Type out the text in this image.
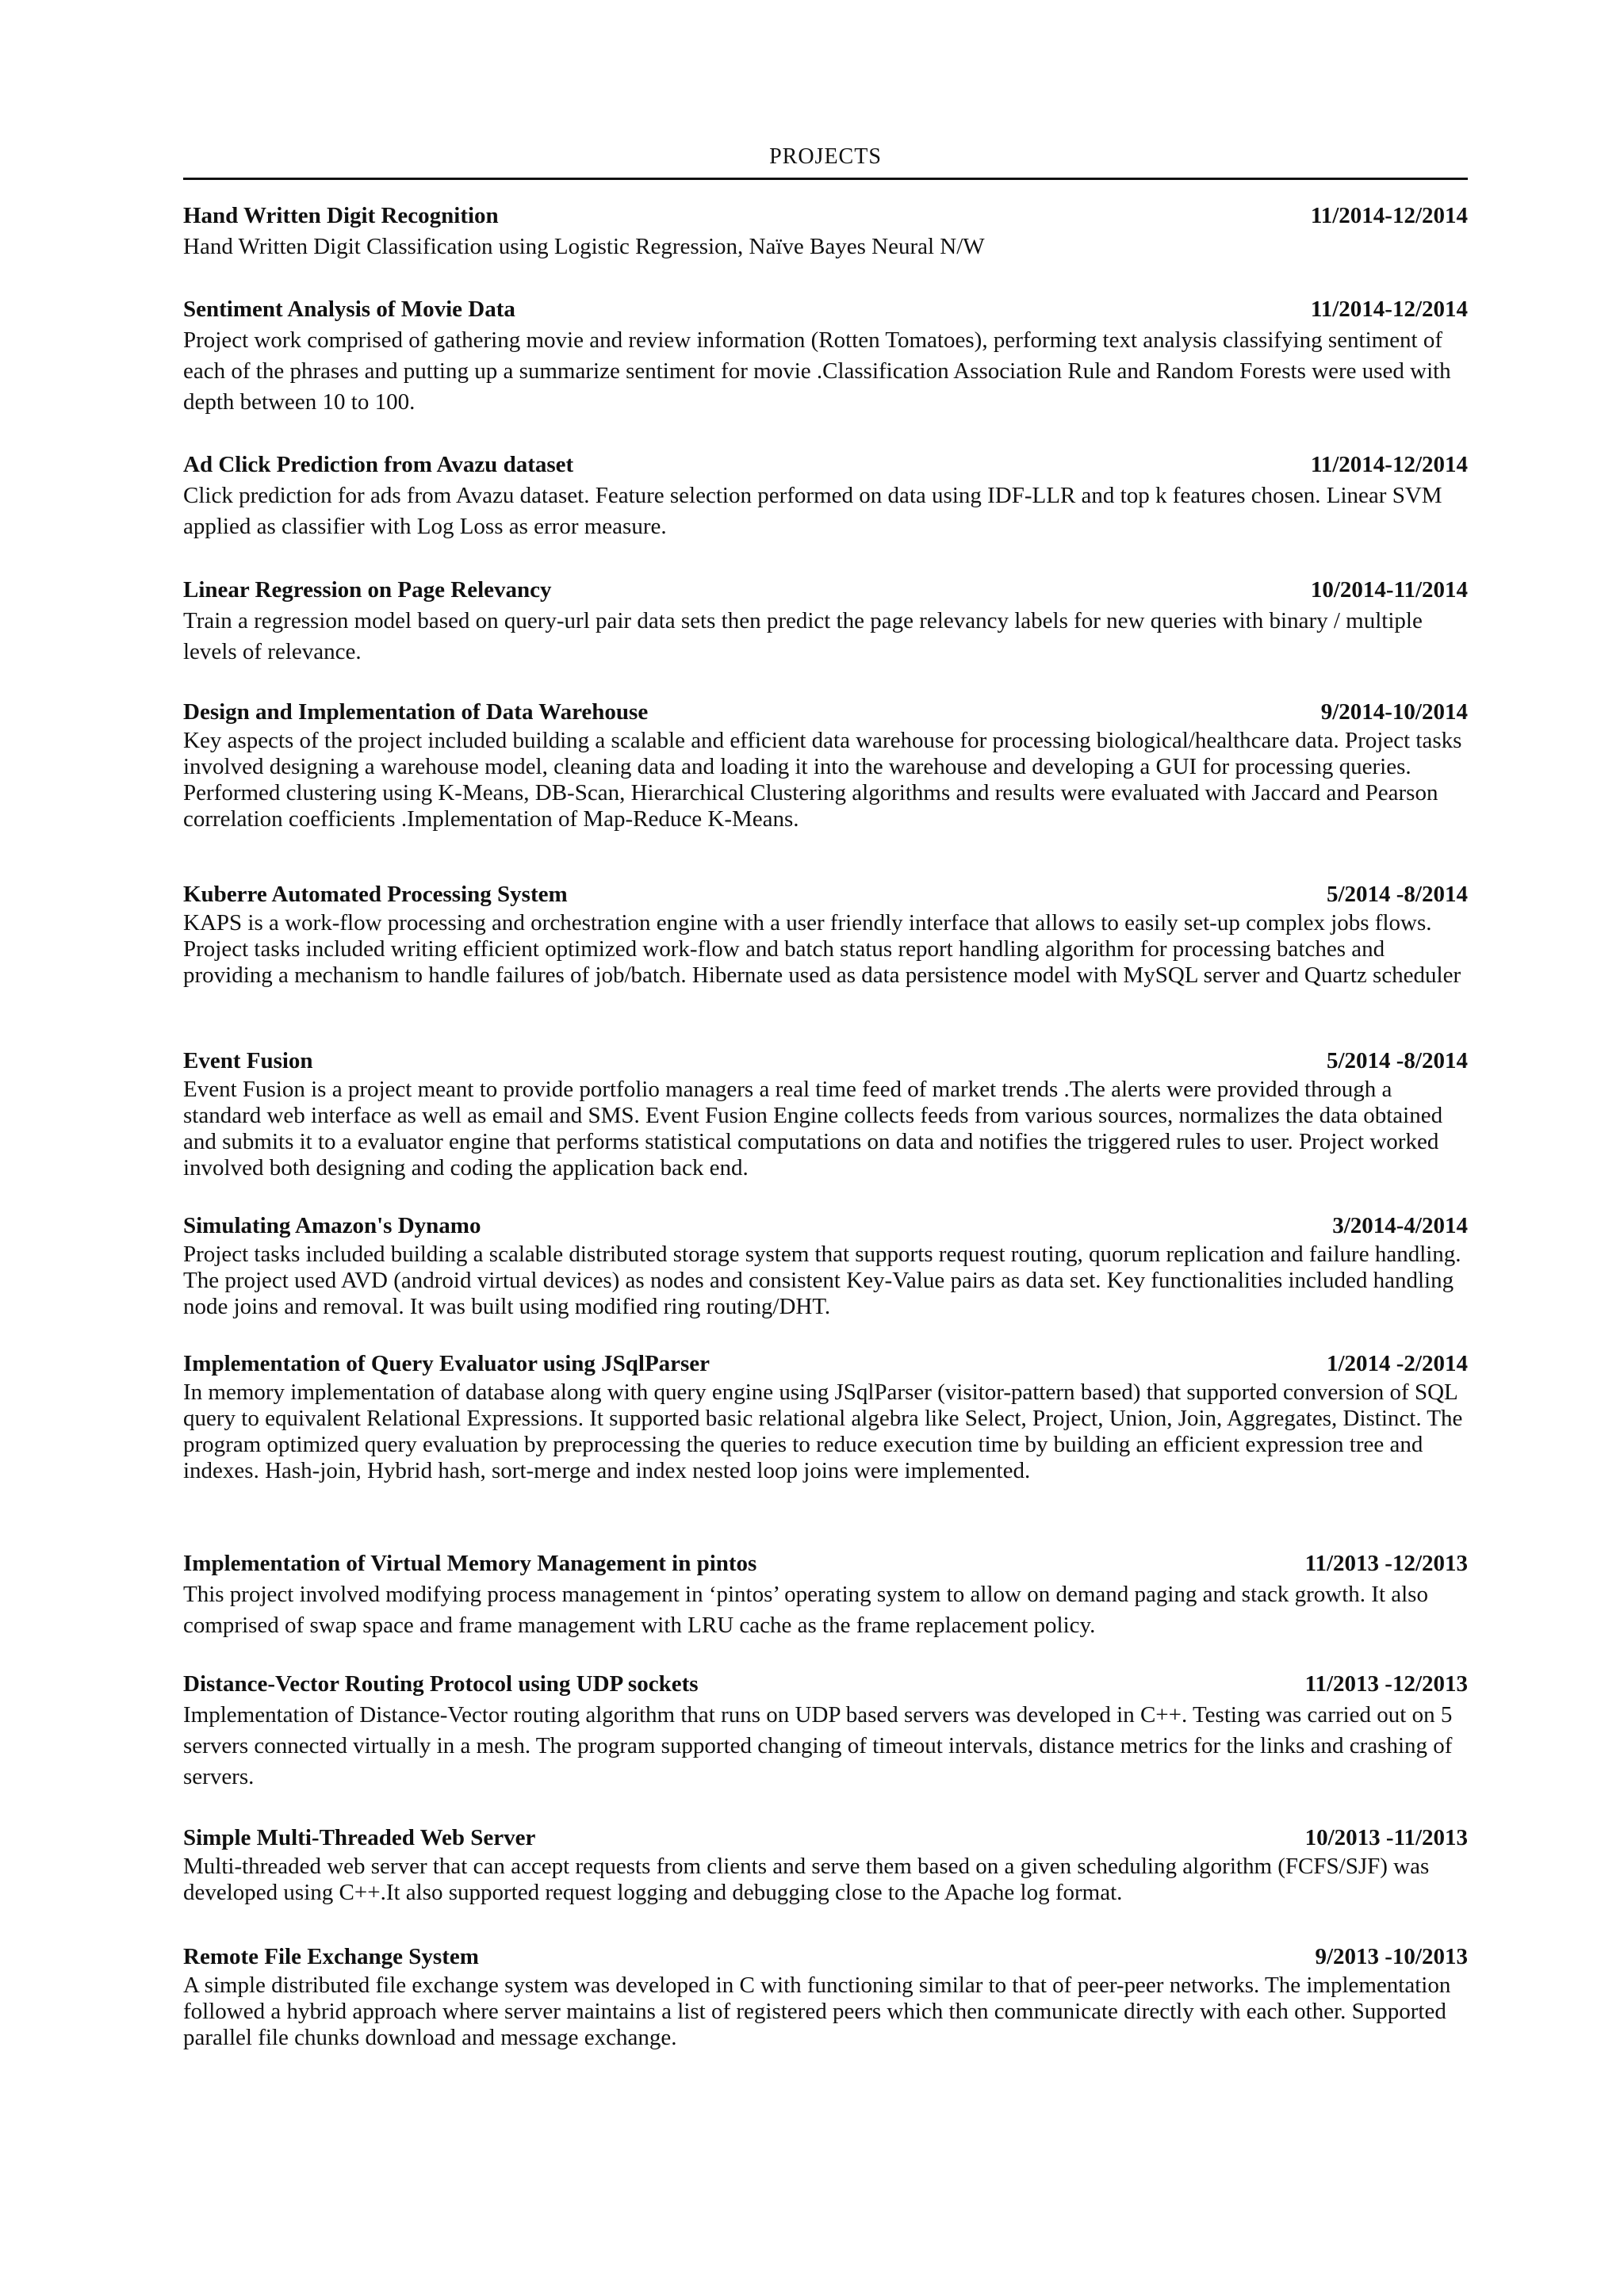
PROJECTS
Hand Written Digit Recognition	11/2014-12/2014

Hand Written Digit Classification using Logistic Regression, Naïve Bayes Neural N/W

Sentiment Analysis of Movie Data	11/2014-12/2014

Project work comprised of gathering movie and review information (Rotten Tomatoes), performing text analysis classifying sentiment of each of the phrases and putting up a summarize sentiment for movie .Classification Association Rule and Random Forests were used with depth between 10 to 100.

Ad Click Prediction from Avazu dataset	11/2014-12/2014

Click prediction for ads from Avazu dataset. Feature selection performed on data using IDF-LLR and top k features chosen. Linear SVM applied as classifier with Log Loss as error measure.

Linear Regression on Page Relevancy	10/2014-11/2014

Train a regression model based on query-url pair data sets then predict the page relevancy labels for new queries with binary / multiple levels of relevance.

Design and Implementation of Data Warehouse	9/2014-10/2014

Key aspects of the project included building a scalable and efficient data warehouse for processing biological/healthcare data. Project tasks involved designing a warehouse model, cleaning data and loading it into the warehouse and developing a GUI for processing queries. Performed clustering using K-Means, DB-Scan, Hierarchical Clustering algorithms and results were evaluated with Jaccard and Pearson correlation coefficients .Implementation of Map-Reduce K-Means.

Kuberre Automated Processing System	5/2014 -8/2014

KAPS is a work-flow processing and orchestration engine with a user friendly interface that allows to easily set-up complex jobs flows. Project tasks included writing efficient optimized work-flow and batch status report handling algorithm for processing batches and providing a mechanism to handle failures of job/batch. Hibernate used as data persistence model with MySQL server and Quartz scheduler

Event Fusion	5/2014 -8/2014

Event Fusion is a project meant to provide portfolio managers a real time feed of market trends .The alerts were provided through a standard web interface as well as email and SMS. Event Fusion Engine collects feeds from various sources, normalizes the data obtained and submits it to a evaluator engine that performs statistical computations on data and notifies the triggered rules to user. Project worked involved both designing and coding the application back end.

Simulating Amazon's Dynamo	3/2014-4/2014

Project tasks included building a scalable distributed storage system that supports request routing, quorum replication and failure handling. The project used AVD (android virtual devices) as nodes and consistent Key-Value pairs as data set. Key functionalities included handling node joins and removal. It was built using modified ring routing/DHT.

Implementation of Query Evaluator using JSqlParser	1/2014 -2/2014

In memory implementation of database along with query engine using JSqlParser (visitor-pattern based) that supported conversion of SQL query to equivalent Relational Expressions. It supported basic relational algebra like Select, Project, Union, Join, Aggregates, Distinct. The program optimized query evaluation by preprocessing the queries to reduce execution time by building an efficient expression tree and indexes. Hash-join, Hybrid hash, sort-merge and index nested loop joins were implemented.

Implementation of Virtual Memory Management in pintos	11/2013 -12/2013

This project involved modifying process management in ‘pintos’ operating system to allow on demand paging and stack growth. It also comprised of swap space and frame management with LRU cache as the frame replacement policy.

Distance-Vector Routing Protocol using UDP sockets	11/2013 -12/2013

Implementation of Distance-Vector routing algorithm that runs on UDP based servers was developed in C++. Testing was carried out on 5 servers connected virtually in a mesh. The program supported changing of timeout intervals, distance metrics for the links and crashing of servers.

Simple Multi-Threaded Web Server	10/2013 -11/2013

Multi-threaded web server that can accept requests from clients and serve them based on a given scheduling algorithm (FCFS/SJF) was developed using C++.It also supported request logging and debugging close to the Apache log format.

Remote File Exchange System	9/2013 -10/2013

A simple distributed file exchange system was developed in C with functioning similar to that of peer-peer networks. The implementation followed a hybrid approach where server maintains a list of registered peers which then communicate directly with each other. Supported parallel file chunks download and message exchange.
